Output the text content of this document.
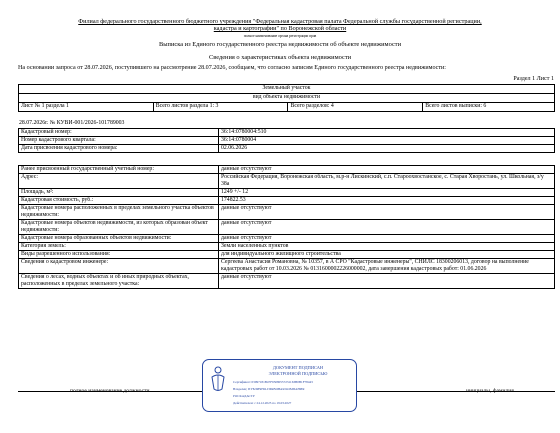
Филиал федерального государственного бюджетного учреждения "Федеральная кадастровая палата Федеральной службы государственной регистрации,
кадастра и картографии" по Воронежской области
полное наименование органа регистрации прав
Выписка из Единого государственного реестра недвижимости об объекте недвижимости
Сведения о характеристиках объекта недвижимости
На основании запроса от 28.07.2026, поступившего на рассмотрение 28.07.2026, сообщаем, что согласно записям Единого государственного реестра недвижимости:
Раздел 1 Лист 1
Земельный участок
вид объекта недвижимости
Лист № 1 раздела 1	Всего листов раздела 1: 3	Всего разделов: 4	Всего листов выписки: 6
28.07.2026г. № КУВИ-001/2026-101789003
Кадастровый номер:	36:14:0780004:510
Номер кадастрового квартала:	36:14:0780004
Дата присвоения кадастрового номера:	02.06.2026
Ранее присвоенный государственный учетный номер:	данные отсутствуют
Адрес:	Российская Федерация, Воронежская область, м.р-н Лискинский, с.п. Староохвостанское, с. Старая Хворостань, ул. Школьная, з/у 38а
Площадь, м²:	1249 +/- 12
Кадастровая стоимость, руб.:	174822.53
Кадастровые номера расположенных в пределах земельного участка объектов недвижимости:	данные отсутствуют
Кадастровые номера объектов недвижимости, из которых образован объект недвижимости:	данные отсутствуют
Кадастровые номера образованных объектов недвижимости:	данные отсутствуют
Категория земель:	Земли населенных пунктов
Виды разрешенного использования:	для индивидуального жилищного строительства
Сведения о кадастровом инженере:	Сергеева Анастасия Романовна, № 10357, в А СРО "Кадастровые инженеры", СНИЛС 18300206013, договор на выполнение кадастровых работ от 10.03.2026 № 0131600002226000002, дата завершения кадастровых работ: 01.06.2026
Сведения о лесах, водных объектах и об иных природных объектах, расположенных в пределах земельного участка:	данные отсутствуют
полное наименование должности	инициалы, фамилия
ДОКУМЕНТ ПОДПИСАН
ЭЛЕКТРОННОЙ ПОДПИСЬЮ
Сертификат: 03997181B47F95080557231163B0B1F78443
Владелец: ПУБЛИЧНО-ПРАВОВАЯ КОМПАНИЯ
РОСКАДАСТР
Действителен: с 24.12.2025 по 19.03.2027
